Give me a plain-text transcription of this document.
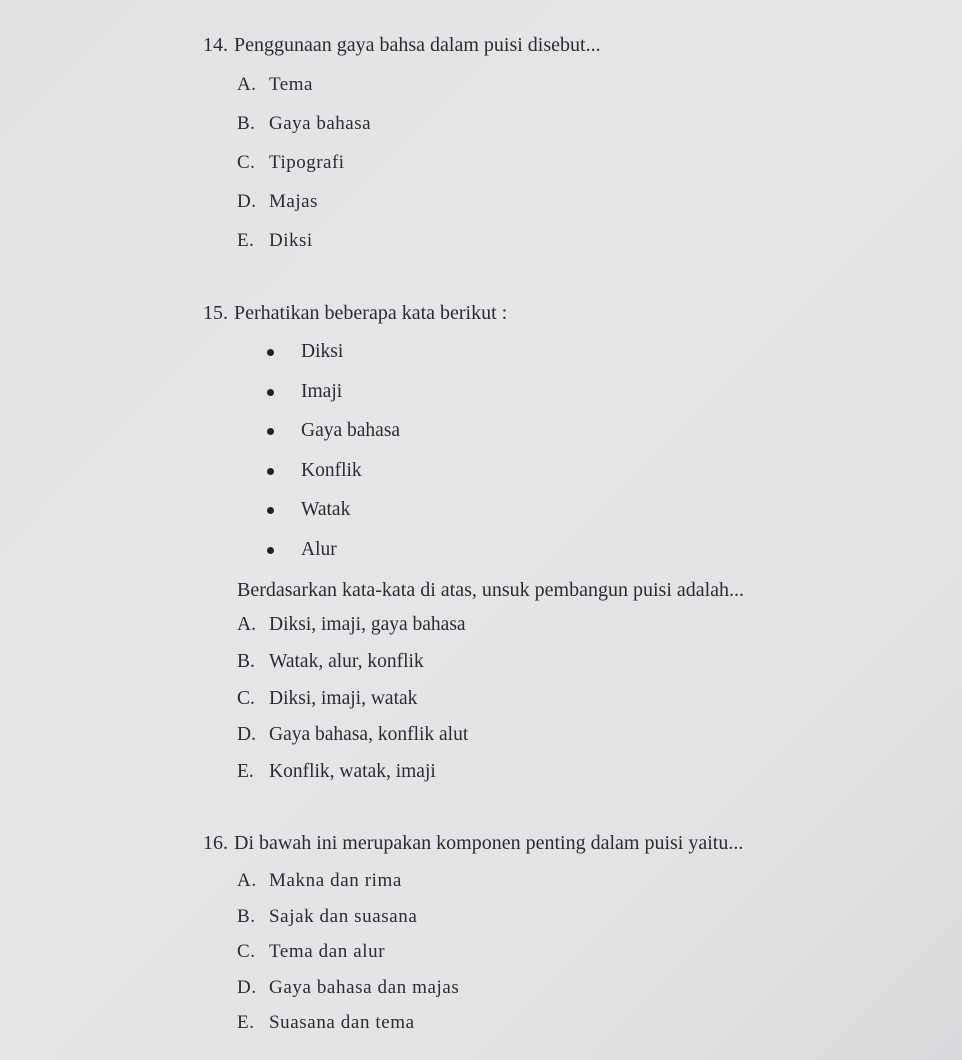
14. Penggunaan gaya bahsa dalam puisi disebut...
A. Tema
B. Gaya bahasa
C. Tipografi
D. Majas
E. Diksi
15. Perhatikan beberapa kata berikut :
Diksi
Imaji
Gaya bahasa
Konflik
Watak
Alur
Berdasarkan kata-kata di atas, unsuk pembangun puisi adalah...
A. Diksi, imaji, gaya bahasa
B. Watak, alur, konflik
C. Diksi, imaji, watak
D. Gaya bahasa, konflik alut
E. Konflik, watak, imaji
16. Di bawah ini merupakan komponen penting dalam puisi yaitu...
A. Makna dan rima
B. Sajak dan suasana
C. Tema dan alur
D. Gaya bahasa dan majas
E. Suasana dan tema
